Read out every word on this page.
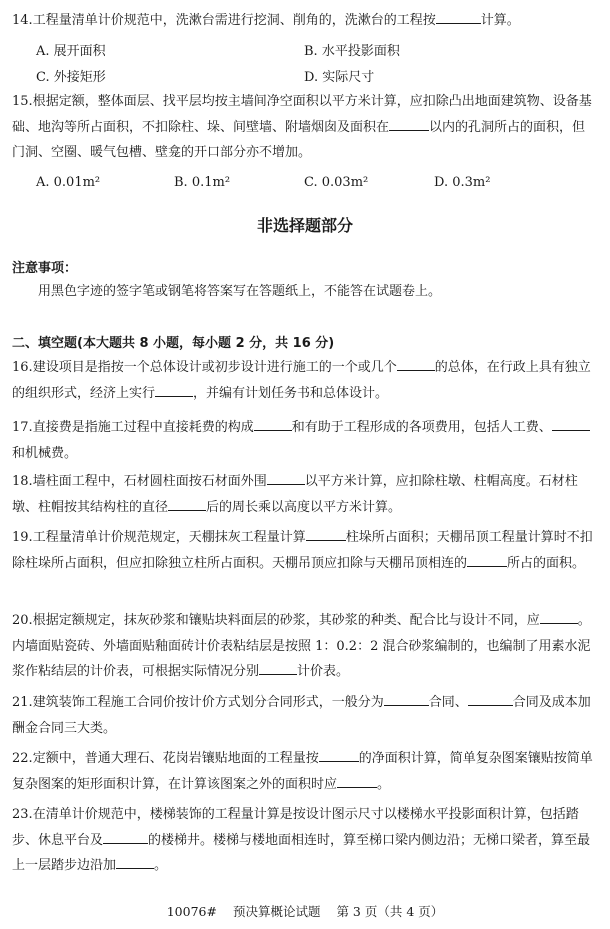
14.工程量清单计价规范中，洗漱台需进行挖洞、削角的，洗漱台的工程按	计算。
A. 展开面积	B. 水平投影面积
C. 外接矩形	D. 实际尺寸
15.根据定额，整体面层、找平层均按主墙间净空面积以平方米计算，应扣除凸出地面建筑物、设备基础、地沟等所占面积，不扣除柱、垛、间壁墙、附墙烟囱及面积在	以内的孔洞所占的面积，但门洞、空圈、暖气包槽、壁龛的开口部分亦不增加。
A. 0.01m²	B. 0.1m²	C. 0.03m²	D. 0.3m²
非选择题部分
注意事项：
用黑色字迹的签字笔或钢笔将答案写在答题纸上，不能答在试题卷上。
二、填空题(本大题共 8 小题，每小题 2 分，共 16 分)
16.建设项目是指按一个总体设计或初步设计进行施工的一个或几个	的总体，在行政上具有独立的组织形式，经济上实行	，并编有计划任务书和总体设计。
17.直接费是指施工过程中直接耗费的构成	和有助于工程形成的各项费用，包括人工费、和机械费。
18.墙柱面工程中，石材圆柱面按石材面外围	以平方米计算，应扣除柱墩、柱帽高度。石材柱墩、柱帽按其结构柱的直径	后的周长乘以高度以平方米计算。
19.工程量清单计价规范规定，天棚抹灰工程量计算	柱垛所占面积；天棚吊顶工程量计算时不扣除柱垛所占面积，但应扣除独立柱所占面积。天棚吊顶应扣除与天棚吊顶相连的	所占的面积。
20.根据定额规定，抹灰砂浆和镶贴块料面层的砂浆，其砂浆的种类、配合比与设计不同，应	。内墙面贴瓷砖、外墙面贴釉面砖计价表粘结层是按照 1：0.2：2 混合砂浆编制的，也编制了用素水泥浆作粘结层的计价表，可根据实际情况分别	计价表。
21.建筑装饰工程施工合同价按计价方式划分合同形式，一般分为	合同、	合同及成本加酬金合同三大类。
22.定额中，普通大理石、花岗岩镶贴地面的工程量按	的净面积计算，简单复杂图案镶贴按简单复杂图案的矩形面积计算，在计算该图案之外的面积时应	。
23.在清单计价规范中，楼梯装饰的工程量计算是按设计图示尺寸以楼梯水平投影面积计算，包括踏步、休息平台及	的楼梯井。楼梯与楼地面相连时，算至梯口梁内侧边沿；无梯口梁者，算至最上一层踏步边沿加	。
10076# 预决算概论试题 第 3 页（共 4 页）
